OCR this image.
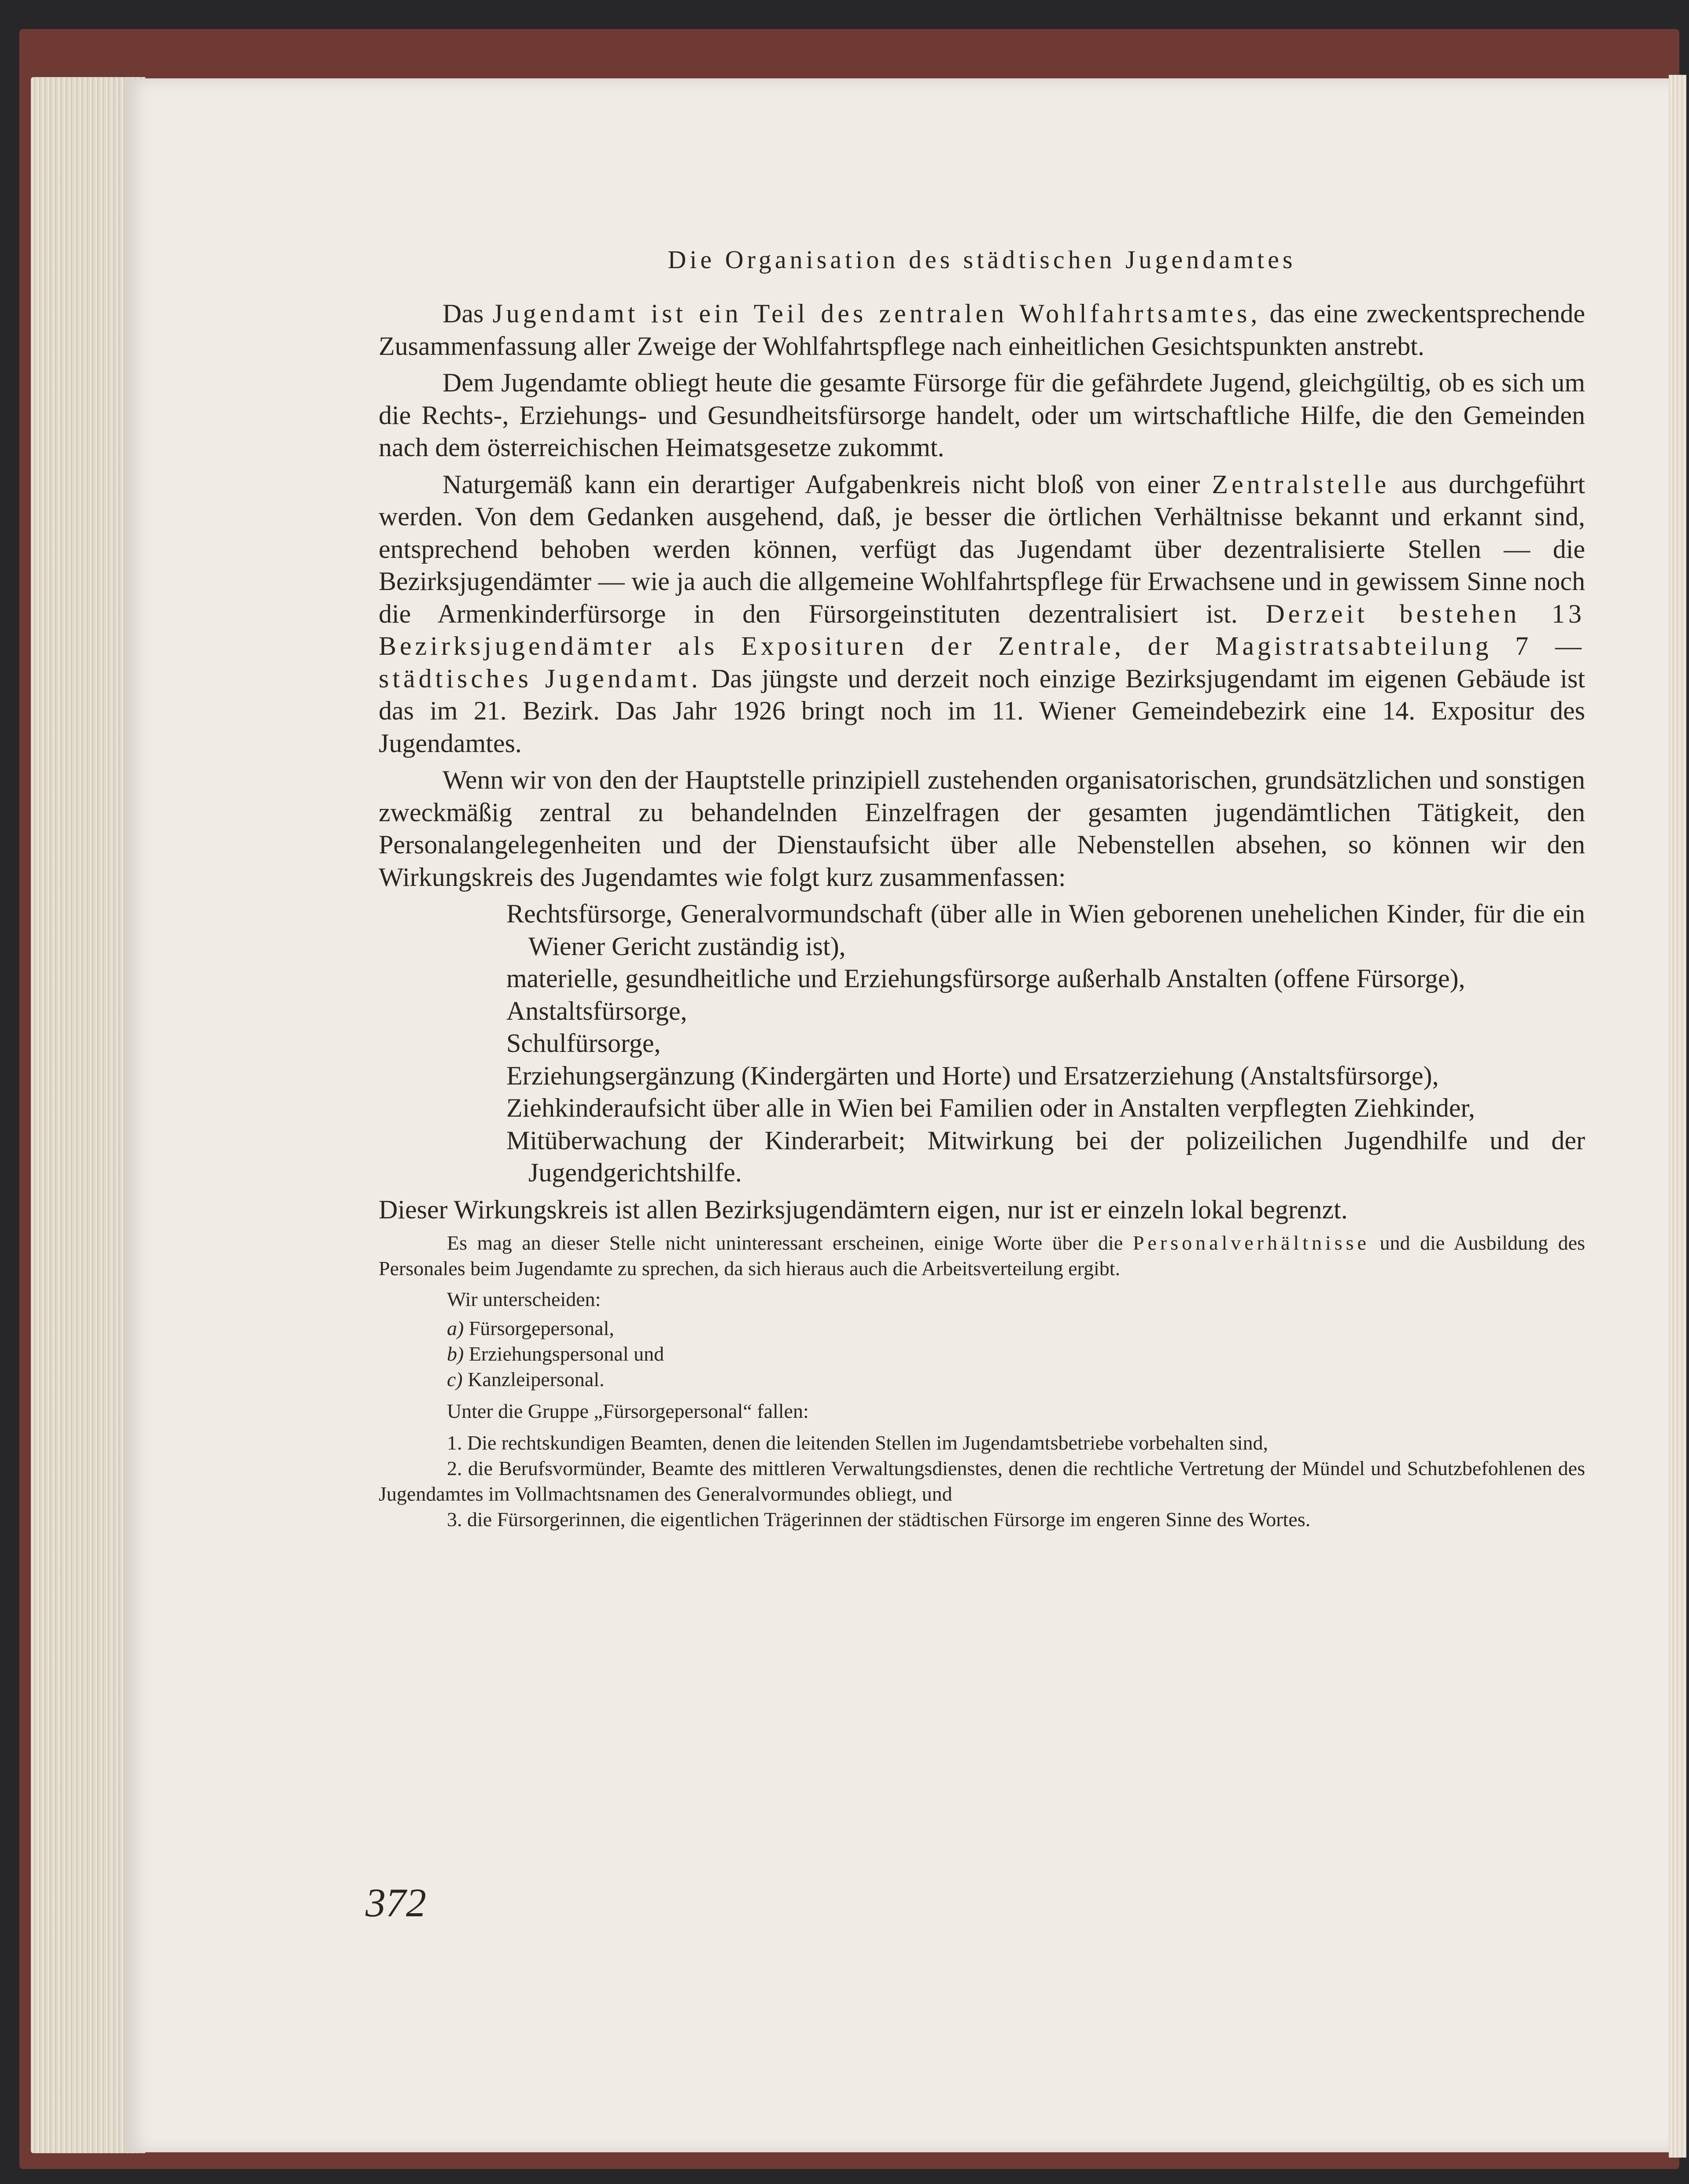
Die Organisation des städtischen Jugendamtes

Das Jugendamt ist ein Teil des zentralen Wohlfahrtsamtes, das eine zweckentsprechende Zusammenfassung aller Zweige der Wohlfahrtspflege nach einheitlichen Gesichtspunkten anstrebt.

Dem Jugendamte obliegt heute die gesamte Fürsorge für die gefährdete Jugend, gleichgültig, ob es sich um die Rechts-, Erziehungs- und Gesundheitsfürsorge handelt, oder um wirtschaftliche Hilfe, die den Gemeinden nach dem österreichischen Heimatsgesetze zukommt.

Naturgemäß kann ein derartiger Aufgabenkreis nicht bloß von einer Zentralstelle aus durchgeführt werden. Von dem Gedanken ausgehend, daß, je besser die örtlichen Verhältnisse bekannt und erkannt sind, entsprechend behoben werden können, verfügt das Jugendamt über dezentralisierte Stellen — die Bezirksjugendämter — wie ja auch die allgemeine Wohlfahrtspflege für Erwachsene und in gewissem Sinne noch die Armenkinderfürsorge in den Fürsorgeinstituten dezentralisiert ist. Derzeit bestehen 13 Bezirksjugendämter als Exposituren der Zentrale, der Magistratsabteilung 7 — städtisches Jugendamt. Das jüngste und derzeit noch einzige Bezirksjugendamt im eigenen Gebäude ist das im 21. Bezirk. Das Jahr 1926 bringt noch im 11. Wiener Gemeindebezirk eine 14. Expositur des Jugendamtes.

Wenn wir von den der Hauptstelle prinzipiell zustehenden organisatorischen, grundsätzlichen und sonstigen zweckmäßig zentral zu behandelnden Einzelfragen der gesamten jugendämtlichen Tätigkeit, den Personalangelegenheiten und der Dienstaufsicht über alle Nebenstellen absehen, so können wir den Wirkungskreis des Jugendamtes wie folgt kurz zusammenfassen:

Rechtsfürsorge, Generalvormundschaft (über alle in Wien geborenen unehelichen Kinder, für die ein Wiener Gericht zuständig ist),
materielle, gesundheitliche und Erziehungsfürsorge außerhalb Anstalten (offene Fürsorge),
Anstaltsfürsorge,
Schulfürsorge,
Erziehungsergänzung (Kindergärten und Horte) und Ersatzerziehung (Anstaltsfürsorge),
Ziehkinderaufsicht über alle in Wien bei Familien oder in Anstalten verpflegten Ziehkinder,
Mitüberwachung der Kinderarbeit; Mitwirkung bei der polizeilichen Jugendhilfe und der Jugendgerichtshilfe.

Dieser Wirkungskreis ist allen Bezirksjugendämtern eigen, nur ist er einzeln lokal begrenzt.

Es mag an dieser Stelle nicht uninteressant erscheinen, einige Worte über die Personalverhältnisse und die Ausbildung des Personales beim Jugendamte zu sprechen, da sich hieraus auch die Arbeitsverteilung ergibt.

Wir unterscheiden:
a) Fürsorgepersonal,
b) Erziehungspersonal und
c) Kanzleipersonal.
Unter die Gruppe „Fürsorgepersonal“ fallen:

1. Die rechtskundigen Beamten, denen die leitenden Stellen im Jugendamtsbetriebe vorbehalten sind,

2. die Berufsvormünder, Beamte des mittleren Verwaltungsdienstes, denen die rechtliche Vertretung der Mündel und Schutzbefohlenen des Jugendamtes im Vollmachtsnamen des Generalvormundes obliegt, und

3. die Fürsorgerinnen, die eigentlichen Trägerinnen der städtischen Fürsorge im engeren Sinne des Wortes.

372
